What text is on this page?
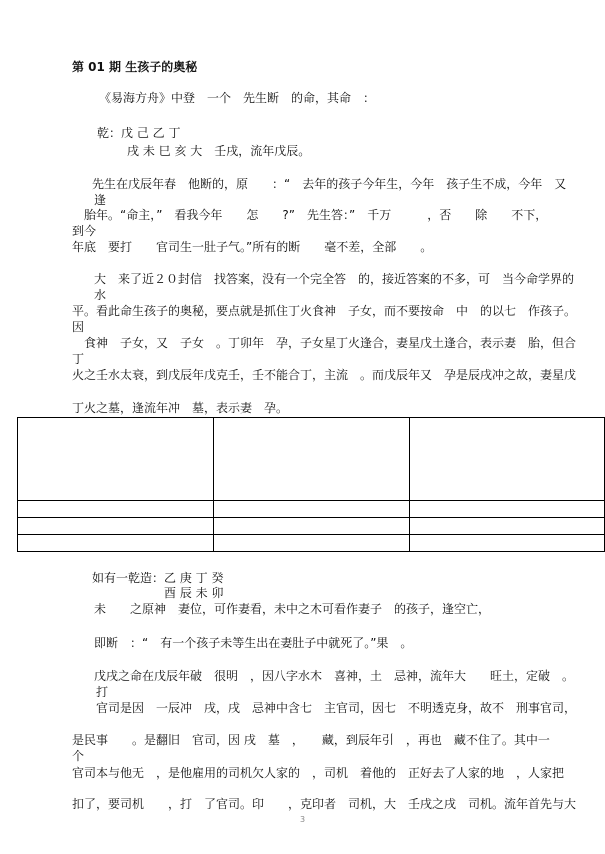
第 01 期 生孩子的奥秘
《易海方舟》中登　一个　先生断　的命，其命　：
乾：戊 己 乙 丁
戌 未 巳 亥 大　壬戌，流年戊辰。
先生在戊辰年春　他断的，原　　：“　去年的孩子今年生，今年　孩子生不成，今年　又
逢
胎年。“命主，”　看我今年　　怎　　?”　先生答：”　千万　　　，否　　除　　不下，
到今
年底　要打　　官司生一肚子气。”所有的断　　毫不差，全部　　。
大　来了近２０封信　找答案，没有一个完全答　的，接近答案的不多，可　当今命学界的
水
平。看此命生孩子的奥秘，要点就是抓住丁火食神　子女，而不要按命　中　的以七　作孩子。
因
食神　子女，又　子女　。丁卯年　孕，子女星丁火逢合，妻星戊土逢合，表示妻　胎，但合
丁
火之壬水太衰，到戊辰年戊克壬，壬不能合丁，主流　。而戊辰年又　孕是辰戌冲之故，妻星戊
丁火之墓，逢流年冲　墓，表示妻　孕。

如有一乾造：乙 庚 丁 癸
酉 辰 未 卯
未　　之原神　妻位，可作妻看，未中之木可看作妻子　的孩子，逢空亡，
即断　：“　有一个孩子未等生出在妻肚子中就死了。”果　。
戊戌之命在戊辰年破　很明　，因八字水木　喜神，土　忌神，流年大　　旺土，定破　。
打
官司是因　一辰冲　戌，戌　忌神中含七　主官司，因七　不明透克身，故不　刑事官司，
是民事　　。是翻旧　官司，因 戌　墓　，　　藏，到辰年引　，再也　藏不住了。其中一
个
官司本与他无　，是他雇用的司机欠人家的　，司机　着他的　正好去了人家的地　，人家把
扣了，要司机　　，打　了官司。印　　，克印者　司机，大　壬戌之戌　司机。流年首先与大
3
